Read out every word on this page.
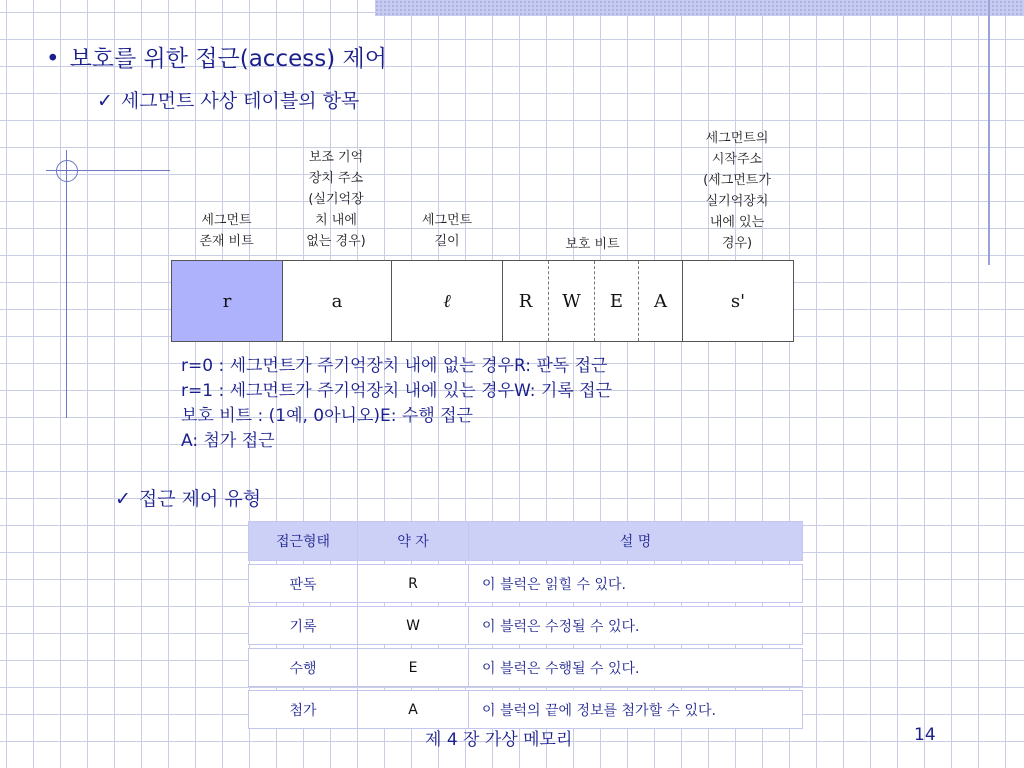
• 보호를 위한 접근(access) 제어
✓ 세그먼트 사상 테이블의 항목
세그먼트
존재 비트
보조 기억
장치 주소
(실기억장
치 내에
없는 경우)
세그먼트
길이	보호 비트
세그먼트의
시작주소
(세그먼트가
실기억장치
내에 있는
경우)
r	a	ℓ	R	W	E	A	s'
r=0 : 세그먼트가 주기억장치 내에 없는 경우R: 판독 접근
r=1 : 세그먼트가 주기억장치 내에 있는 경우W: 기록 접근
보호 비트 : (1예, 0아니오)E: 수행 접근
A: 첨가 접근
✓ 접근 제어 유형
접근형태	약 자	설 명

판독	R	이 블럭은 읽힐 수 있다.

기록	W	이 블럭은 수정될 수 있다.

수행	E	이 블럭은 수행될 수 있다.

첨가	A	이 블럭의 끝에 정보를 첨가할 수 있다.
제 4 장 가상 메모리	14
